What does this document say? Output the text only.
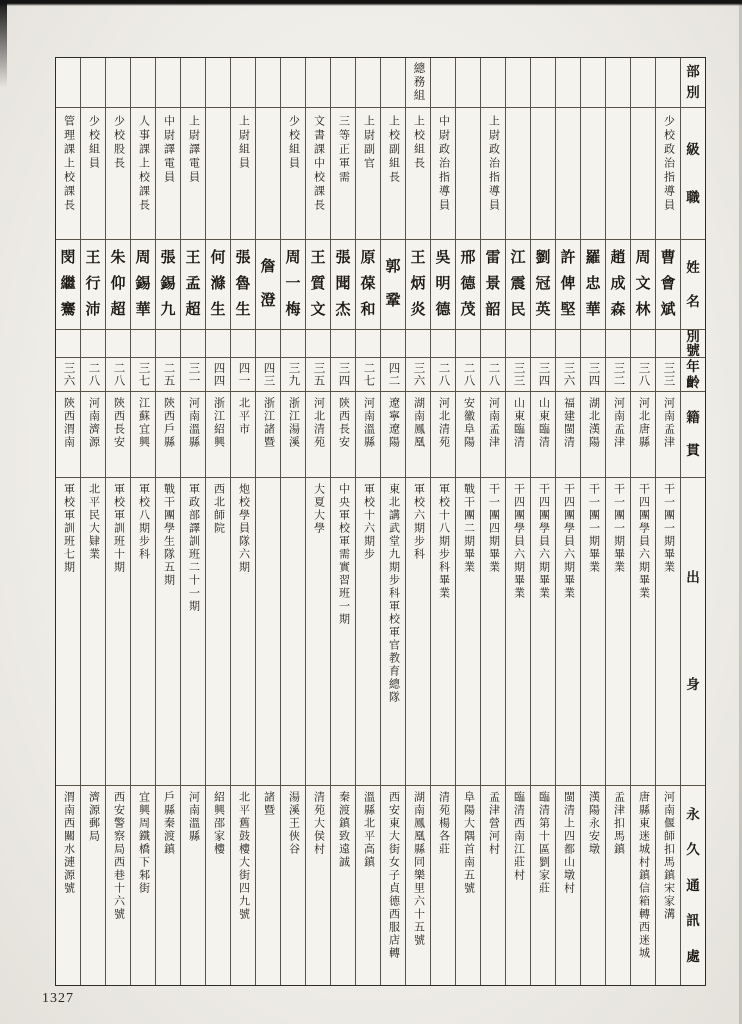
部
別
級
職
姓
名
別
號
年
齡
籍
貫
出
身
永
久
通
訊
處
少校政治指導員
曹
會
斌
三三
河南孟津
干一團一期畢業
河南偃師扣馬鎮宋家溝
周
文
林
三八
河北唐縣
干四團學員六期畢業
唐縣東迷城村鎮信箱轉西迷城
趙
成
森
三二
河南孟津
干一團一期畢業
孟津扣馬鎮
羅
忠
華
三四
湖北漢陽
干一團一期畢業
漢陽永安墩
許
俾
堅
三六
福建閩清
干四團學員六期畢業
閩清上四都山墩村
劉
冠
英
三四
山東臨清
干四團學員六期畢業
臨清第十區劉家莊
江
震
民
三三
山東臨清
干四團學員六期畢業
臨清西南江莊村
上尉政治指導員
雷
景
韶
二八
河南孟津
干一團四期畢業
孟津營河村
邢
德
茂
二八
安徽阜陽
戰干團二期畢業
阜陽大隅首南五號
中尉政治指導員
吳
明
德
二八
河北清苑
軍校十八期步科畢業
清苑楊各莊
總務組
上校組長
王
炳
炎
三六
湖南鳳凰
軍校六期步科
湖南鳳凰縣同樂里六十五號
上校副組長
郭
鞏
四二
遼寧遼陽
東北講武堂九期步科軍校軍官教育總隊
西安東大街女子貞德西服店轉
上尉副官
原
葆
和
二七
河南溫縣
軍校十六期步
溫縣北平高鎮
三等正軍需
張
聞
杰
三四
陝西長安
中央軍校軍需實習班一期
秦渡鎮致遠誠
文書課中校課長
王
質
文
三五
河北清苑
大夏大學
清苑大侯村
少校組員
周
一
梅
三九
浙江湯溪
湯溪王俠谷
詹
澄
四三
浙江諸暨
諸暨
上尉組員
張
魯
生
四一
北平市
炮校學員隊六期
北平舊鼓樓大街四九號
何
滌
生
四四
浙江紹興
西北師院
紹興邵家樓
上尉譯電員
王
孟
超
三一
河南溫縣
軍政部譯訓班二十一期
河南溫縣
中尉譯電員
張
錫
九
二五
陝西戶縣
戰干團學生隊五期
戶縣秦渡鎮
人事課上校課長
周
錫
華
三七
江蘇宜興
軍校八期步科
宜興周鐵橋下邾街
少校股長
朱
仰
超
二八
陝西長安
軍校軍訓班十期
西安警察局西巷十六號
少校組員
王
行
沛
二八
河南濟源
北平民大肄業
濟源郵局
管理課上校課長
閔
繼
騫
三六
陝西渭南
軍校軍訓班七期
渭南西關水漣源號
1327
